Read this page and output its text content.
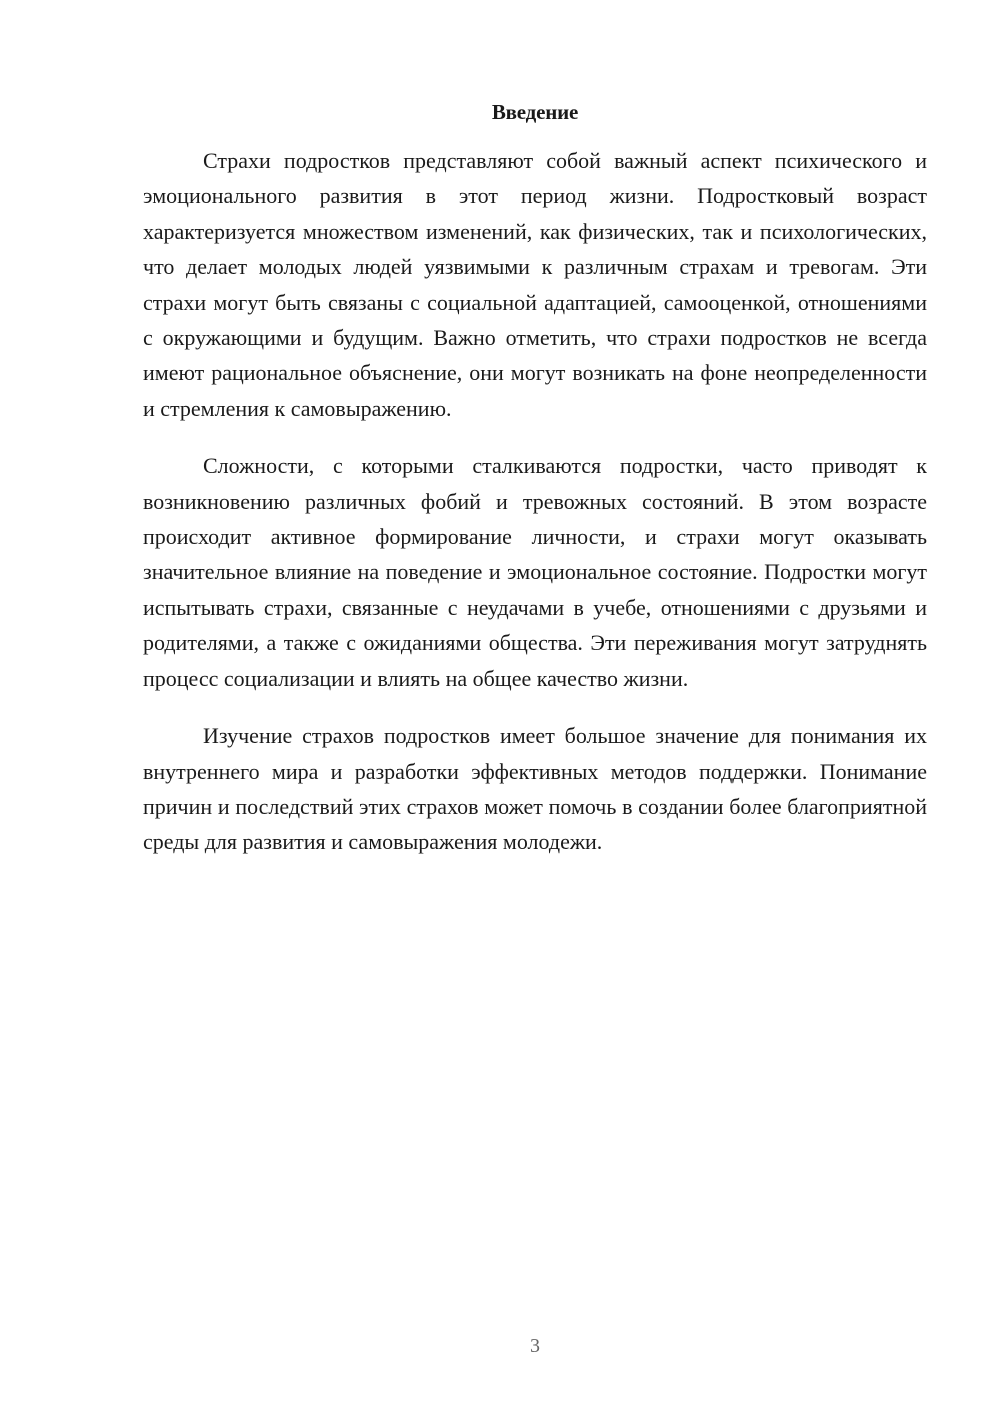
Введение

Страхи подростков представляют собой важный аспект психического и эмоционального развития в этот период жизни. Подростковый возраст характеризуется множеством изменений, как физических, так и психологических, что делает молодых людей уязвимыми к различным страхам и тревогам. Эти страхи могут быть связаны с социальной адаптацией, самооценкой, отношениями с окружающими и будущим. Важно отметить, что страхи подростков не всегда имеют рациональное объяснение, они могут возникать на фоне неопределенности и стремления к самовыражению.

Сложности, с которыми сталкиваются подростки, часто приводят к возникновению различных фобий и тревожных состояний. В этом возрасте происходит активное формирование личности, и страхи могут оказывать значительное влияние на поведение и эмоциональное состояние. Подростки могут испытывать страхи, связанные с неудачами в учебе, отношениями с друзьями и родителями, а также с ожиданиями общества. Эти переживания могут затруднять процесс социализации и влиять на общее качество жизни.

Изучение страхов подростков имеет большое значение для понимания их внутреннего мира и разработки эффективных методов поддержки. Понимание причин и последствий этих страхов может помочь в создании более благоприятной среды для развития и самовыражения молодежи.

3
